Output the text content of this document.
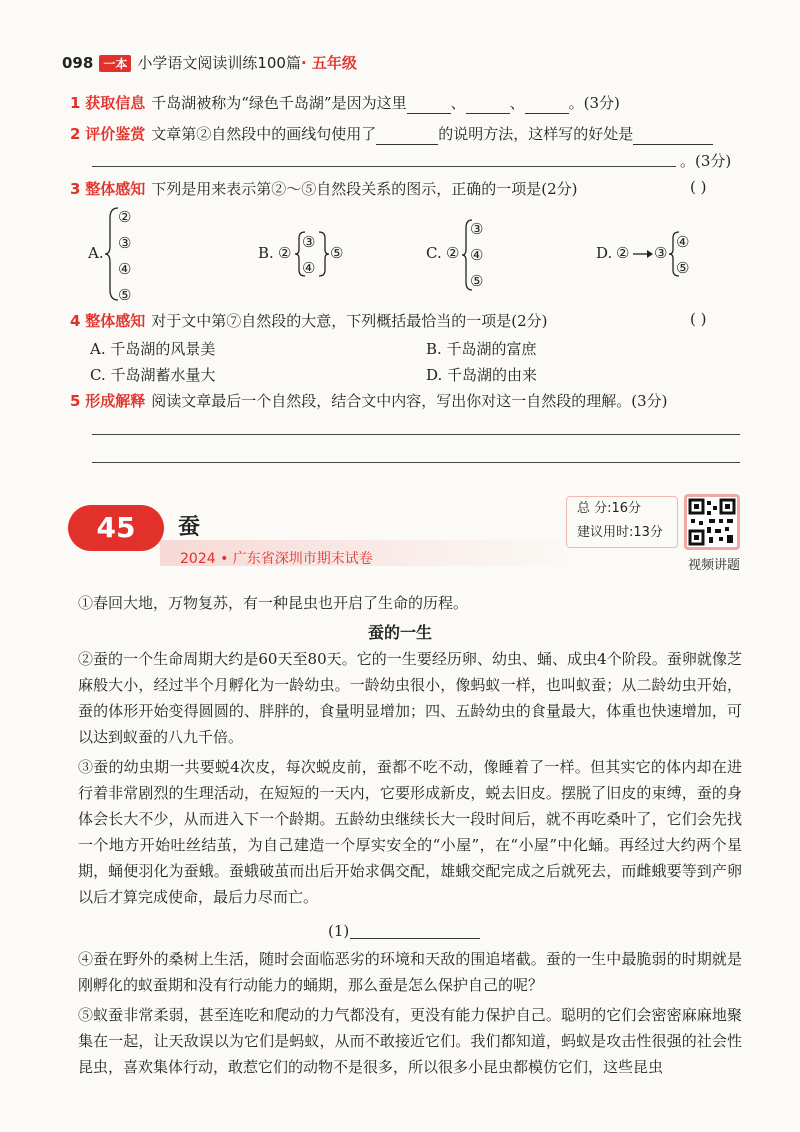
098 一本 小学语文阅读训练100篇· 五年级
1 获取信息 千岛湖被称为“绿色千岛湖”是因为这里	、	、	。(3分)
2 评价鉴赏 文章第②自然段中的画线句使用了	的说明方法，这样写的好处是
。(3分)
3 整体感知 下列是用来表示第②～⑤自然段关系的图示，正确的一项是(2分)	( )
A.
②
③
④
⑤
B. ②
③
④
⑤	C. ②
③
④
⑤
D. ② ③
④
⑤
4 整体感知 对于文中第⑦自然段的大意，下列概括最恰当的一项是(2分)	( )
A. 千岛湖的风景美	B. 千岛湖的富庶
C. 千岛湖蓄水量大	D. 千岛湖的由来
5 形成解释 阅读文章最后一个自然段，结合文中内容，写出你对这一自然段的理解。(3分)
45	蚕
2024 • 广东省深圳市期末试卷
总 分:16分
建议用时:13分
视频讲题
①春回大地，万物复苏，有一种昆虫也开启了生命的历程。
蚕的一生

②蚕的一个生命周期大约是60天至80天。它的一生要经历卵、幼虫、蛹、成虫4个阶段。蚕卵就像芝麻般大小，经过半个月孵化为一龄幼虫。一龄幼虫很小，像蚂蚁一样，也叫蚁蚕；从二龄幼虫开始，蚕的体形开始变得圆圆的、胖胖的，食量明显增加；四、五龄幼虫的食量最大，体重也快速增加，可以达到蚁蚕的八九千倍。

③蚕的幼虫期一共要蜕4次皮，每次蜕皮前，蚕都不吃不动，像睡着了一样。但其实它的体内却在进行着非常剧烈的生理活动，在短短的一天内，它要形成新皮，蜕去旧皮。摆脱了旧皮的束缚，蚕的身体会长大不少，从而进入下一个龄期。五龄幼虫继续长大一段时间后，就不再吃桑叶了，它们会先找一个地方开始吐丝结茧，为自己建造一个厚实安全的“小屋”，在“小屋”中化蛹。再经过大约两个星期，蛹便羽化为蚕蛾。蚕蛾破茧而出后开始求偶交配，雄蛾交配完成之后就死去，而雌蛾要等到产卵以后才算完成使命，最后力尽而亡。

(1)

④蚕在野外的桑树上生活，随时会面临恶劣的环境和天敌的围追堵截。蚕的一生中最脆弱的时期就是刚孵化的蚁蚕期和没有行动能力的蛹期，那么蚕是怎么保护自己的呢？

⑤蚁蚕非常柔弱，甚至连吃和爬动的力气都没有，更没有能力保护自己。聪明的它们会密密麻麻地聚集在一起，让天敌误以为它们是蚂蚁，从而不敢接近它们。我们都知道，蚂蚁是攻击性很强的社会性昆虫，喜欢集体行动，敢惹它们的动物不是很多，所以很多小昆虫都模仿它们，这些昆虫
